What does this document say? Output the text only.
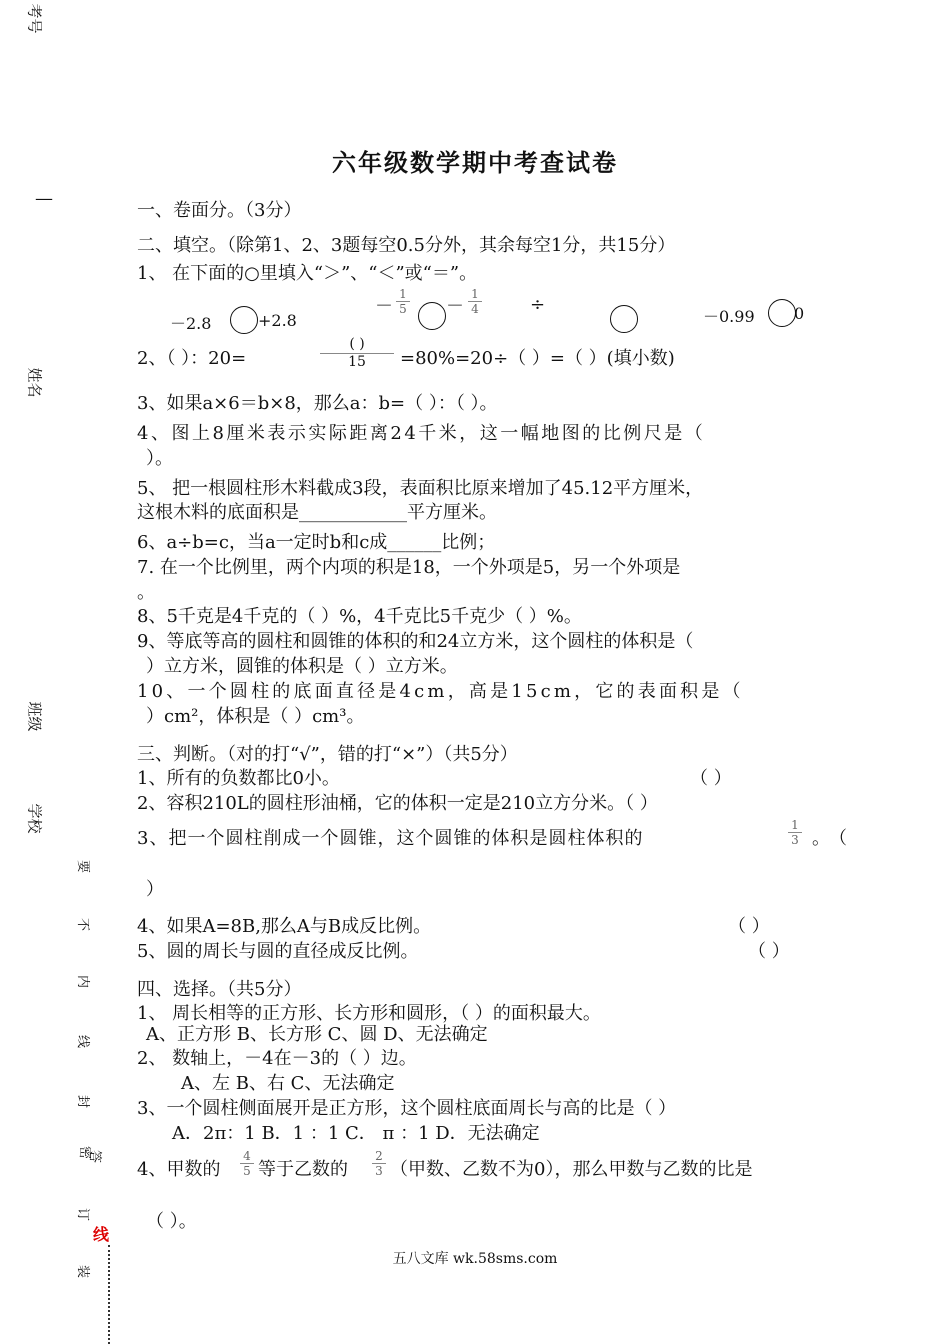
考号
—
姓名
班级
学校
要
不
内
线
封
密
答
订
线
装
六年级数学期中考查试卷
一、卷面分。（3分）
二、填空。（除第1、2、3题每空0.5分外，其余每空1分，共15分）
1、 在下面的○里填入“＞”、“＜”或“＝”。
－2.8	+2.8
－
1
5 －
1
4	÷
－0.99 0
2、（ ）：20=
( )
15	=80%=20÷（ ）=（ ）(填小数)
3、如果a×6＝b×8，那么a：b=（ ）：（ ）。
4、图上8厘米表示实际距离24千米，这一幅地图的比例尺是（
）。
5、 把一根圆柱形木料截成3段，表面积比原来增加了45.12平方厘米，
这根木料的底面积是____________平方厘米。
6、a÷b=c，当a一定时b和c成______比例；
7. 在一个比例里，两个内项的积是18，一个外项是5，另一个外项是
。
8、5千克是4千克的（ ）%，4千克比5千克少（ ）%。
9、等底等高的圆柱和圆锥的体积的和24立方米，这个圆柱的体积是（
）立方米，圆锥的体积是（ ）立方米。
10、一个圆柱的底面直径是4cm，高是15cm，它的表面积是（
）cm²，体积是（ ）cm³。
三、判断。（对的打“√”，错的打“×”）（共5分）
1、所有的负数都比0小。	（ ）
2、容积210L的圆柱形油桶，它的体积一定是210立方分米。（ ）
3、把一个圆柱削成一个圆锥，这个圆锥的体积是圆柱体积的
1
3 。（
）
4、如果A=8B,那么A与B成反比例。	（ ）
5、圆的周长与圆的直径成反比例。	（ ）
四、选择。（共5分）
1、 周长相等的正方形、长方形和圆形，（ ）的面积最大。
A、正方形 B、长方形 C、圆 D、无法确定
2、 数轴上，－4在－3的（ ）边。
A、左 B、右 C、无法确定
3、一个圆柱侧面展开是正方形，这个圆柱底面周长与高的比是（ ）
A．2π：1 B．1 ：1 C． π ：1 D．无法确定
4、甲数的
4
5 等于乙数的
2
3 （甲数、乙数不为0），那么甲数与乙数的比是
（ ）。
五八文库 wk.58sms.com
